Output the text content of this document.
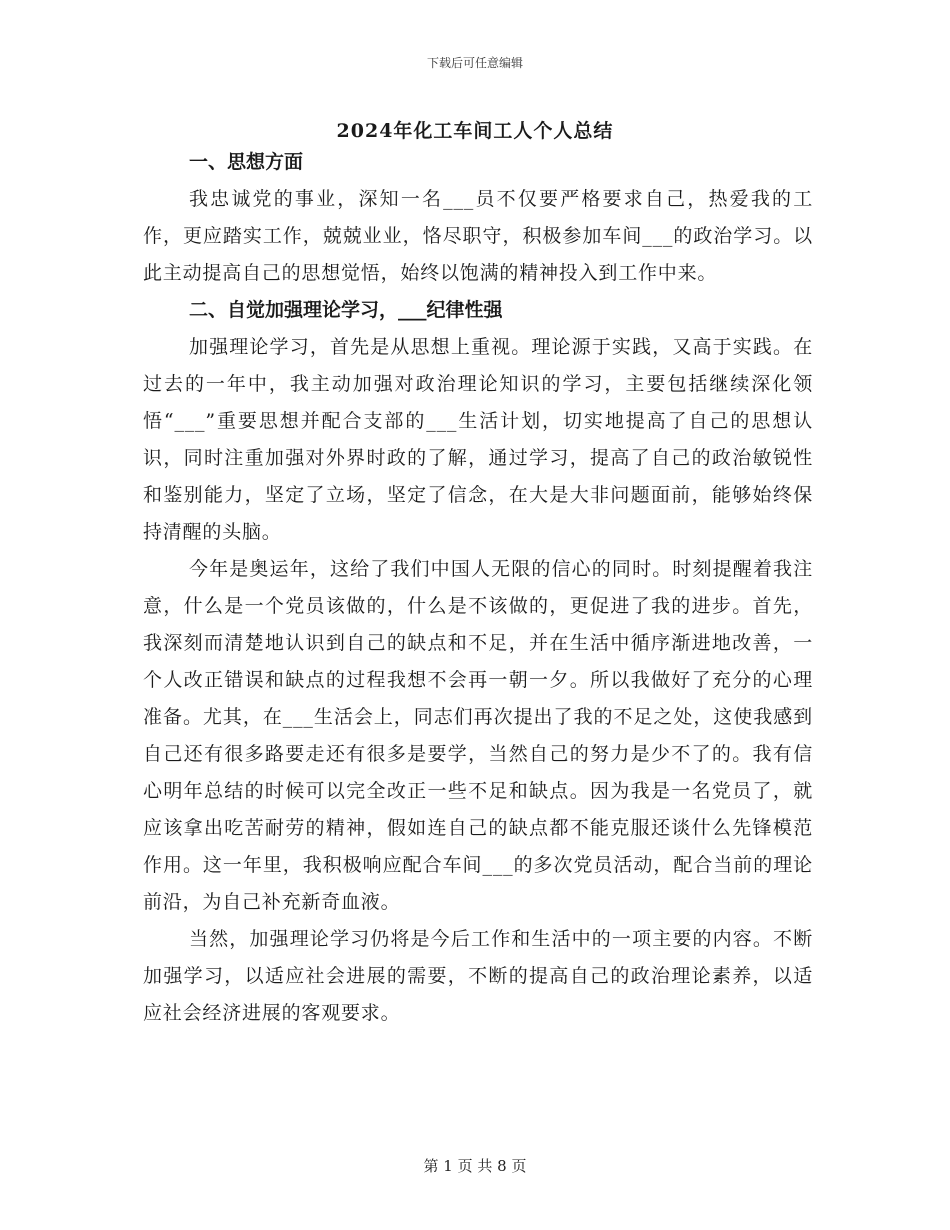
下载后可任意编辑
2024年化工车间工人个人总结

一、思想方面

我忠诚党的事业，深知一名___员不仅要严格要求自己，热爱我的工作，更应踏实工作，兢兢业业，恪尽职守，积极参加车间___的政治学习。以此主动提高自己的思想觉悟，始终以饱满的精神投入到工作中来。

二、自觉加强理论学习，___纪律性强

加强理论学习，首先是从思想上重视。理论源于实践，又高于实践。在过去的一年中，我主动加强对政治理论知识的学习，主要包括继续深化领悟“___”重要思想并配合支部的___生活计划，切实地提高了自己的思想认识，同时注重加强对外界时政的了解，通过学习，提高了自己的政治敏锐性和鉴别能力，坚定了立场，坚定了信念，在大是大非问题面前，能够始终保持清醒的头脑。

今年是奥运年，这给了我们中国人无限的信心的同时。时刻提醒着我注意，什么是一个党员该做的，什么是不该做的，更促进了我的进步。首先，我深刻而清楚地认识到自己的缺点和不足，并在生活中循序渐进地改善，一个人改正错误和缺点的过程我想不会再一朝一夕。所以我做好了充分的心理准备。尤其，在___生活会上，同志们再次提出了我的不足之处，这使我感到自己还有很多路要走还有很多是要学，当然自己的努力是少不了的。我有信心明年总结的时候可以完全改正一些不足和缺点。因为我是一名党员了，就应该拿出吃苦耐劳的精神，假如连自己的缺点都不能克服还谈什么先锋模范作用。这一年里，我积极响应配合车间___的多次党员活动，配合当前的理论前沿，为自己补充新奇血液。

当然，加强理论学习仍将是今后工作和生活中的一项主要的内容。不断加强学习，以适应社会进展的需要，不断的提高自己的政治理论素养，以适应社会经济进展的客观要求。

第 1 页 共 8 页
